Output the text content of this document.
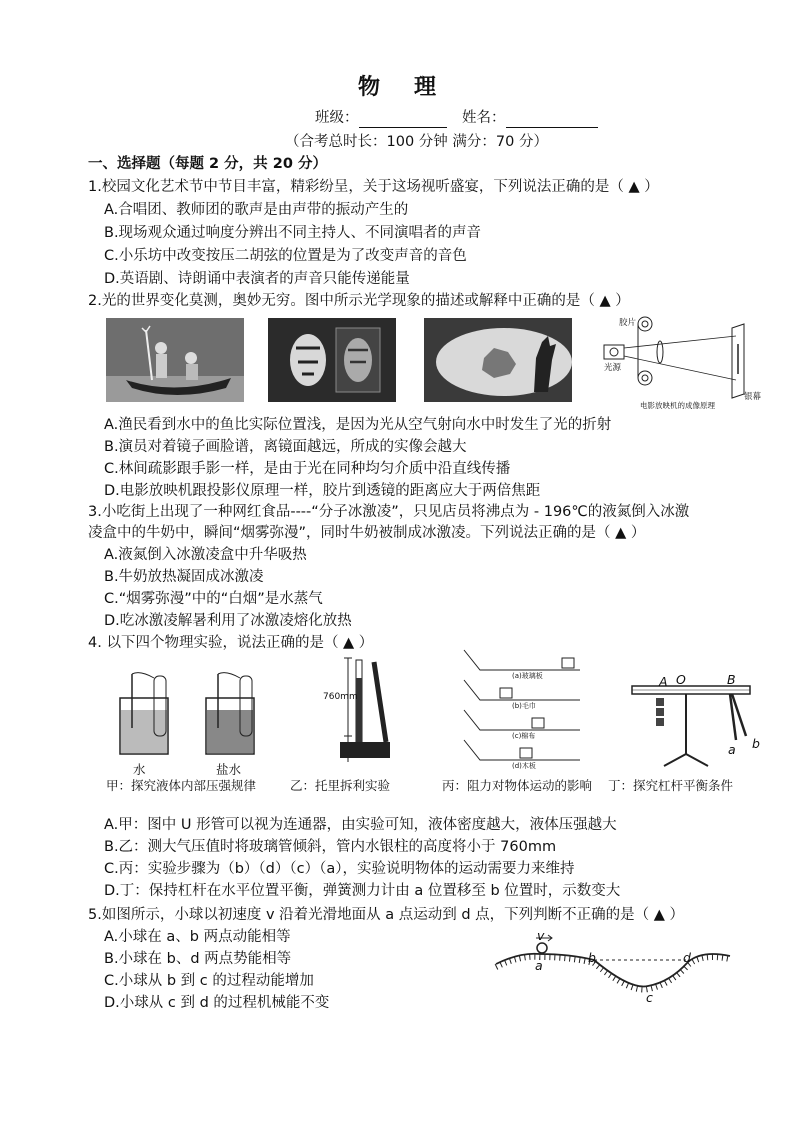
物理
班级：	姓名：
（合考总时长：100 分钟 满分：70 分）
一、选择题（每题 2 分，共 20 分）
1.校园文化艺术节中节目丰富，精彩纷呈，关于这场视听盛宴，下列说法正确的是（ ▲ ）
A.合唱团、教师团的歌声是由声带的振动产生的
B.现场观众通过响度分辨出不同主持人、不同演唱者的声音
C.小乐坊中改变按压二胡弦的位置是为了改变声音的音色
D.英语剧、诗朗诵中表演者的声音只能传递能量
2.光的世界变化莫测，奥妙无穷。图中所示光学现象的描述或解释中正确的是（ ▲ ）
胶片
光源
银幕
电影放映机的成像原理
A.渔民看到水中的鱼比实际位置浅，是因为光从空气射向水中时发生了光的折射
B.演员对着镜子画脸谱，离镜面越远，所成的实像会越大
C.林间疏影跟手影一样，是由于光在同种均匀介质中沿直线传播
D.电影放映机跟投影仪原理一样，胶片到透镜的距离应大于两倍焦距
3.小吃街上出现了一种网红食品----“分子冰激凌”，只见店员将沸点为 - 196℃的液氮倒入冰激
凌盒中的牛奶中，瞬间“烟雾弥漫”，同时牛奶被制成冰激凌。下列说法正确的是（ ▲ ）
A.液氮倒入冰激凌盒中升华吸热
B.牛奶放热凝固成冰激凌
C.“烟雾弥漫”中的“白烟”是水蒸气
D.吃冰激凌解暑利用了冰激凌熔化放热
4. 以下四个物理实验，说法正确的是（ ▲ ）
水	盐水
760mm
(a)玻璃板
(b)毛巾
(c)棉布
(d)木板
A O	B
a b
甲：探究液体内部压强规律	乙：托里拆利实验	丙：阻力对物体运动的影响 丁：探究杠杆平衡条件
A.甲：图中 U 形管可以视为连通器，由实验可知，液体密度越大，液体压强越大
B.乙：测大气压值时将玻璃管倾斜，管内水银柱的高度将小于 760mm
C.丙：实验步骤为（b）（d）（c）（a），实验说明物体的运动需要力来维持
D.丁：保持杠杆在水平位置平衡，弹簧测力计由 a 位置移至 b 位置时，示数变大
5.如图所示，小球以初速度 v 沿着光滑地面从 a 点运动到 d 点，下列判断不正确的是（ ▲ ）
A.小球在 a、b 两点动能相等
B.小球在 b、d 两点势能相等
C.小球从 b 到 c 的过程动能增加
D.小球从 c 到 d 的过程机械能不变
v
a
b
c
d
